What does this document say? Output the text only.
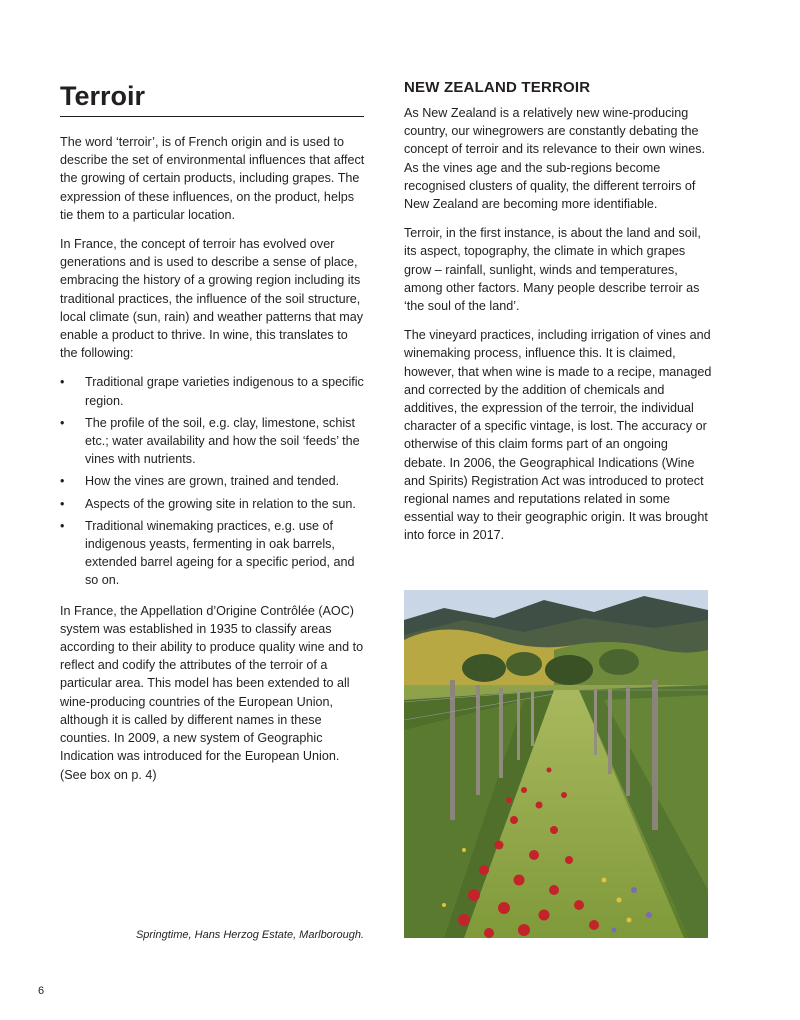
Terroir

The word ‘terroir’, is of French origin and is used to describe the set of environmental influences that affect the growing of certain products, including grapes. The expression of these influences, on the product, helps tie them to a particular location.

In France, the concept of terroir has evolved over generations and is used to describe a sense of place, embracing the history of a growing region including its traditional practices, the influence of the soil structure, local climate (sun, rain) and weather patterns that may enable a product to thrive. In wine, this translates to the following:

• Traditional grape varieties indigenous to a specific region.
• The profile of the soil, e.g. clay, limestone, schist etc.; water availability and how the soil ‘feeds’ the vines with nutrients.
• How the vines are grown, trained and tended.
• Aspects of the growing site in relation to the sun.
• Traditional winemaking practices, e.g. use of indigenous yeasts, fermenting in oak barrels, extended barrel ageing for a specific period, and so on.

In France, the Appellation d’Origine Contrôlée (AOC) system was established in 1935 to classify areas according to their ability to produce quality wine and to reflect and codify the attributes of the terroir of a particular area. This model has been extended to all wine-producing countries of the European Union, although it is called by different names in these counties. In 2009, a new system of Geographic Indication was introduced for the European Union. (See box on p. 4)

NEW ZEALAND TERROIR

As New Zealand is a relatively new wine-producing country, our winegrowers are constantly debating the concept of terroir and its relevance to their own wines. As the vines age and the sub-regions become recognised clusters of quality, the different terroirs of New Zealand are becoming more identifiable.

Terroir, in the first instance, is about the land and soil, its aspect, topography, the climate in which grapes grow – rainfall, sunlight, winds and temperatures, among other factors. Many people describe terroir as ‘the soul of the land’.

The vineyard practices, including irrigation of vines and winemaking process, influence this. It is claimed, however, that when wine is made to a recipe, managed and corrected by the addition of chemicals and additives, the expression of the terroir, the individual character of a specific vintage, is lost. The accuracy or otherwise of this claim forms part of an ongoing debate. In 2006, the Geographical Indications (Wine and Spirits) Registration Act was introduced to protect regional names and reputations related in some essential way to their geographic origin. It was brought into force in 2017.

Springtime, Hans Herzog Estate, Marlborough.
6
